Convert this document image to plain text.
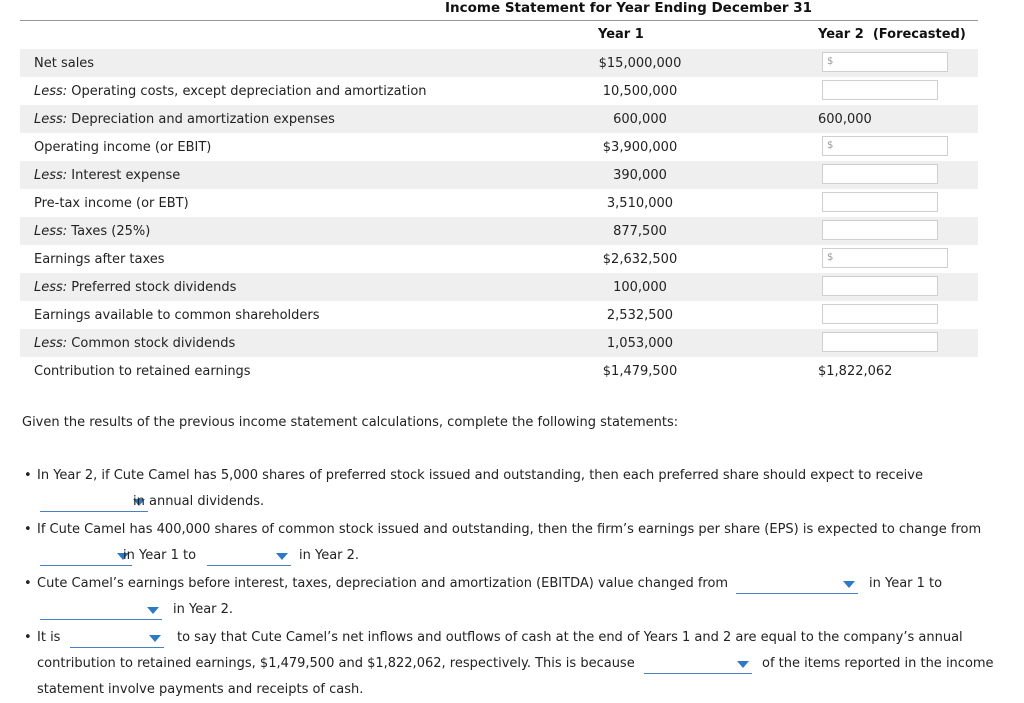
Income Statement for Year Ending December 31
Year 1	Year 2  (Forecasted)
Net sales	$15,000,000	$
Less: Operating costs, except depreciation and amortization	10,500,000
Less: Depreciation and amortization expenses	600,000	600,000
Operating income (or EBIT)	$3,900,000	$
Less: Interest expense	390,000
Pre-tax income (or EBT)	3,510,000
Less: Taxes (25%)	877,500
Earnings after taxes	$2,632,500	$
Less: Preferred stock dividends	100,000
Earnings available to common shareholders	2,532,500
Less: Common stock dividends	1,053,000
Contribution to retained earnings	$1,479,500	$1,822,062
Given the results of the previous income statement calculations, complete the following statements:
• In Year 2, if Cute Camel has 5,000 shares of preferred stock issued and outstanding, then each preferred share should expect to receive
in annual dividends.
• If Cute Camel has 400,000 shares of common stock issued and outstanding, then the firm’s earnings per share (EPS) is expected to change from
in Year 1 to	in Year 2.
• Cute Camel’s earnings before interest, taxes, depreciation and amortization (EBITDA) value changed from	in Year 1 to
in Year 2.
• It is	to say that Cute Camel’s net inflows and outflows of cash at the end of Years 1 and 2 are equal to the company’s annual
contribution to retained earnings, $1,479,500 and $1,822,062, respectively. This is because	of the items reported in the income
statement involve payments and receipts of cash.
